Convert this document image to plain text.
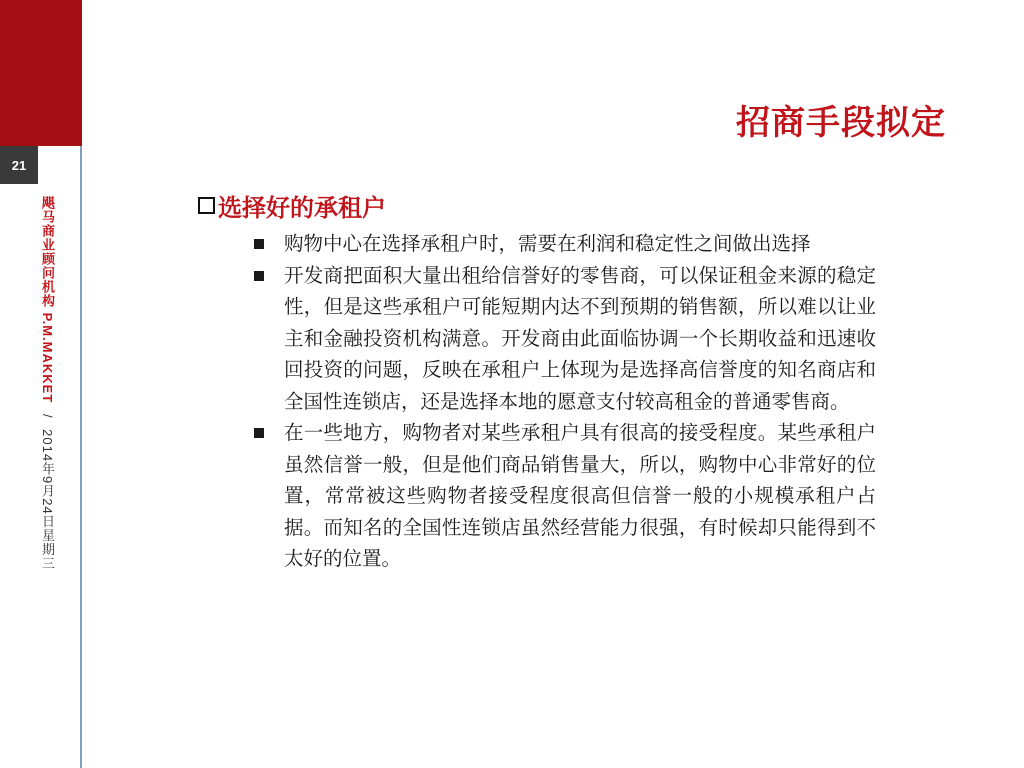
21
飓马商业顾问机构 P.M.MAKKET / 2014年9月24日星期三
招商手段拟定
选择好的承租户
购物中心在选择承租户时，需要在利润和稳定性之间做出选择
开发商把面积大量出租给信誉好的零售商，可以保证租金来源的稳定性，但是这些承租户可能短期内达不到预期的销售额，所以难以让业主和金融投资机构满意。开发商由此面临协调一个长期收益和迅速收回投资的问题，反映在承租户上体现为是选择高信誉度的知名商店和全国性连锁店，还是选择本地的愿意支付较高租金的普通零售商。
在一些地方，购物者对某些承租户具有很高的接受程度。某些承租户虽然信誉一般，但是他们商品销售量大，所以，购物中心非常好的位置，常常被这些购物者接受程度很高但信誉一般的小规模承租户占据。而知名的全国性连锁店虽然经营能力很强，有时候却只能得到不太好的位置。
